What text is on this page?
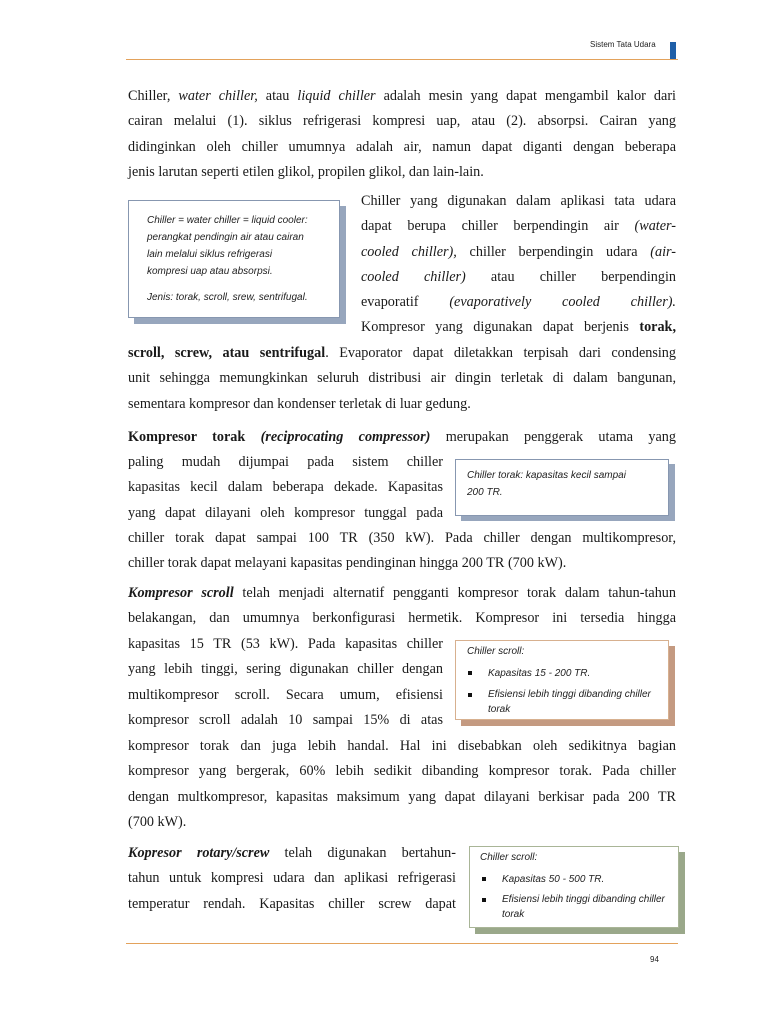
Sistem Tata Udara
Chiller, water chiller, atau liquid chiller adalah mesin yang dapat mengambil kalor dari
cairan melalui (1). siklus refrigerasi kompresi uap, atau (2). absorpsi. Cairan yang
didinginkan oleh chiller umumnya adalah air, namun dapat diganti dengan beberapa
jenis larutan seperti etilen glikol, propilen glikol, dan lain-lain.
Chiller = water chiller = liquid cooler:
perangkat pendingin air atau cairan
lain melalui siklus refrigerasi
kompresi uap atau absorpsi.
Jenis: torak, scroll, srew, sentrifugal.
Chiller yang digunakan dalam aplikasi tata udara
dapat berupa chiller berpendingin air (water-
cooled chiller), chiller berpendingin udara (air-
cooled chiller) atau chiller berpendingin
evaporatif (evaporatively cooled chiller).
Kompresor yang digunakan dapat berjenis torak,
scroll, screw, atau sentrifugal. Evaporator dapat diletakkan terpisah dari condensing
unit sehingga memungkinkan seluruh distribusi air dingin terletak di dalam bangunan,
sementara kompresor dan kondenser terletak di luar gedung.
Kompresor torak (reciprocating compressor) merupakan penggerak utama yang
paling mudah dijumpai pada sistem chiller
kapasitas kecil dalam beberapa dekade. Kapasitas
yang dapat dilayani oleh kompresor tunggal pada
chiller torak dapat sampai 100 TR (350 kW). Pada chiller dengan multikompresor,
chiller torak dapat melayani kapasitas pendinginan hingga 200 TR (700 kW).
Chiller torak: kapasitas kecil sampai
200 TR.
Kompresor scroll telah menjadi alternatif pengganti kompresor torak dalam tahun-tahun
belakangan, dan umumnya berkonfigurasi hermetik. Kompresor ini tersedia hingga
kapasitas 15 TR (53 kW). Pada kapasitas chiller
yang lebih tinggi, sering digunakan chiller dengan
multikompresor scroll. Secara umum, efisiensi
kompresor scroll adalah 10 sampai 15% di atas
kompresor torak dan juga lebih handal. Hal ini disebabkan oleh sedikitnya bagian
kompresor yang bergerak, 60% lebih sedikit dibanding kompresor torak. Pada chiller
dengan multkompresor, kapasitas maksimum yang dapat dilayani berkisar pada 200 TR
(700 kW).
Chiller scroll:
Kapasitas 15 - 200 TR.
Efisiensi lebih tinggi dibanding chiller torak
Kopresor rotary/screw telah digunakan bertahun-
tahun untuk kompresi udara dan aplikasi refrigerasi
temperatur rendah. Kapasitas chiller screw dapat
Chiller scroll:
Kapasitas 50 - 500 TR.
Efisiensi lebih tinggi dibanding chiller torak
94
